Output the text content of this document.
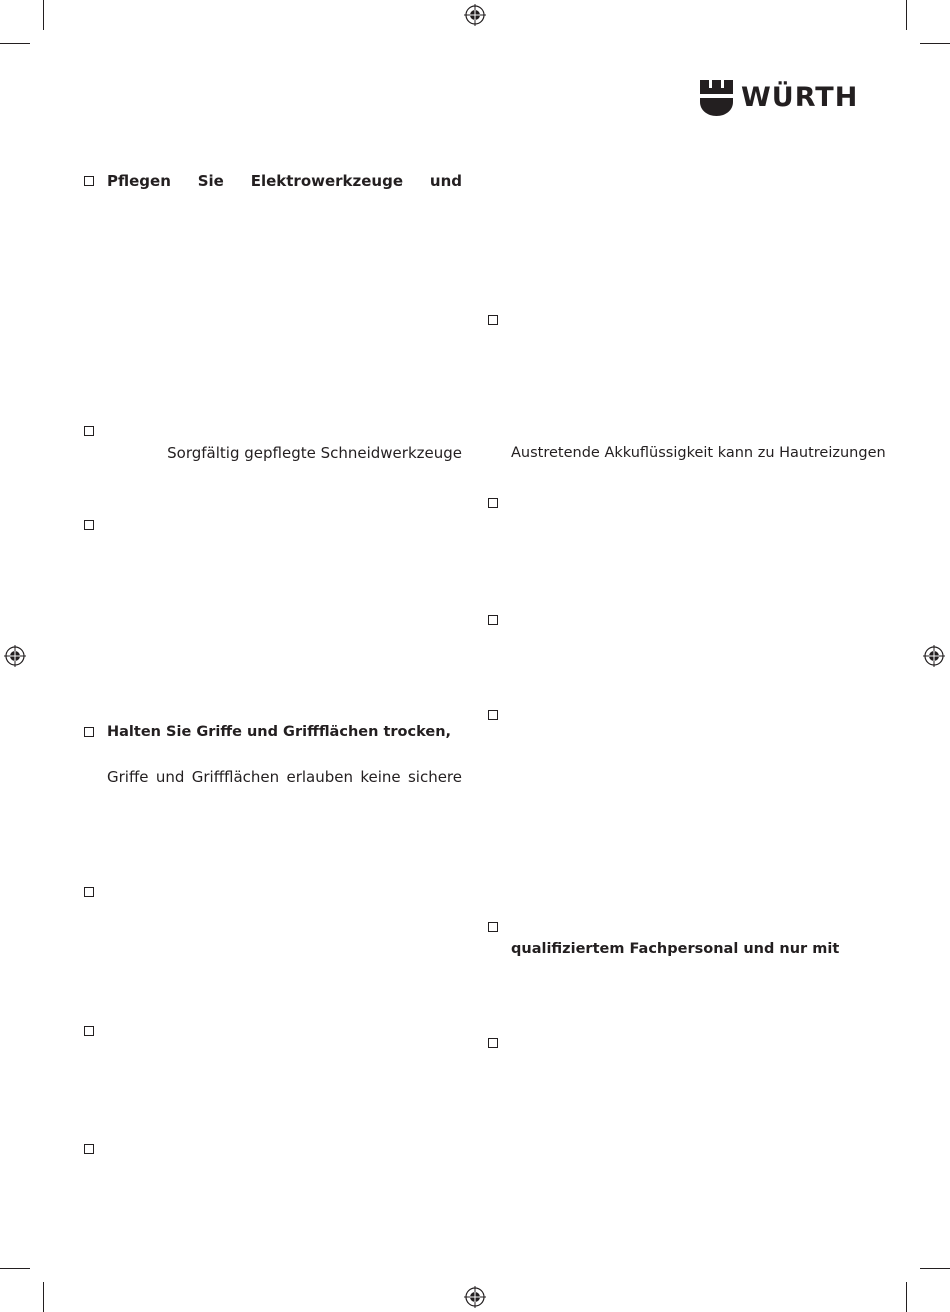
WÜRTH
Pflegen Sie Elektrowerkzeuge und
Sorgfältig gepflegte Schneidwerkzeuge
Halten Sie Griffe und Griffflächen trocken,
Griffe und Griffflächen erlauben keine sichere
Austretende Akkuflüssigkeit kann zu Hautreizungen
qualifiziertem Fachpersonal und nur mit
